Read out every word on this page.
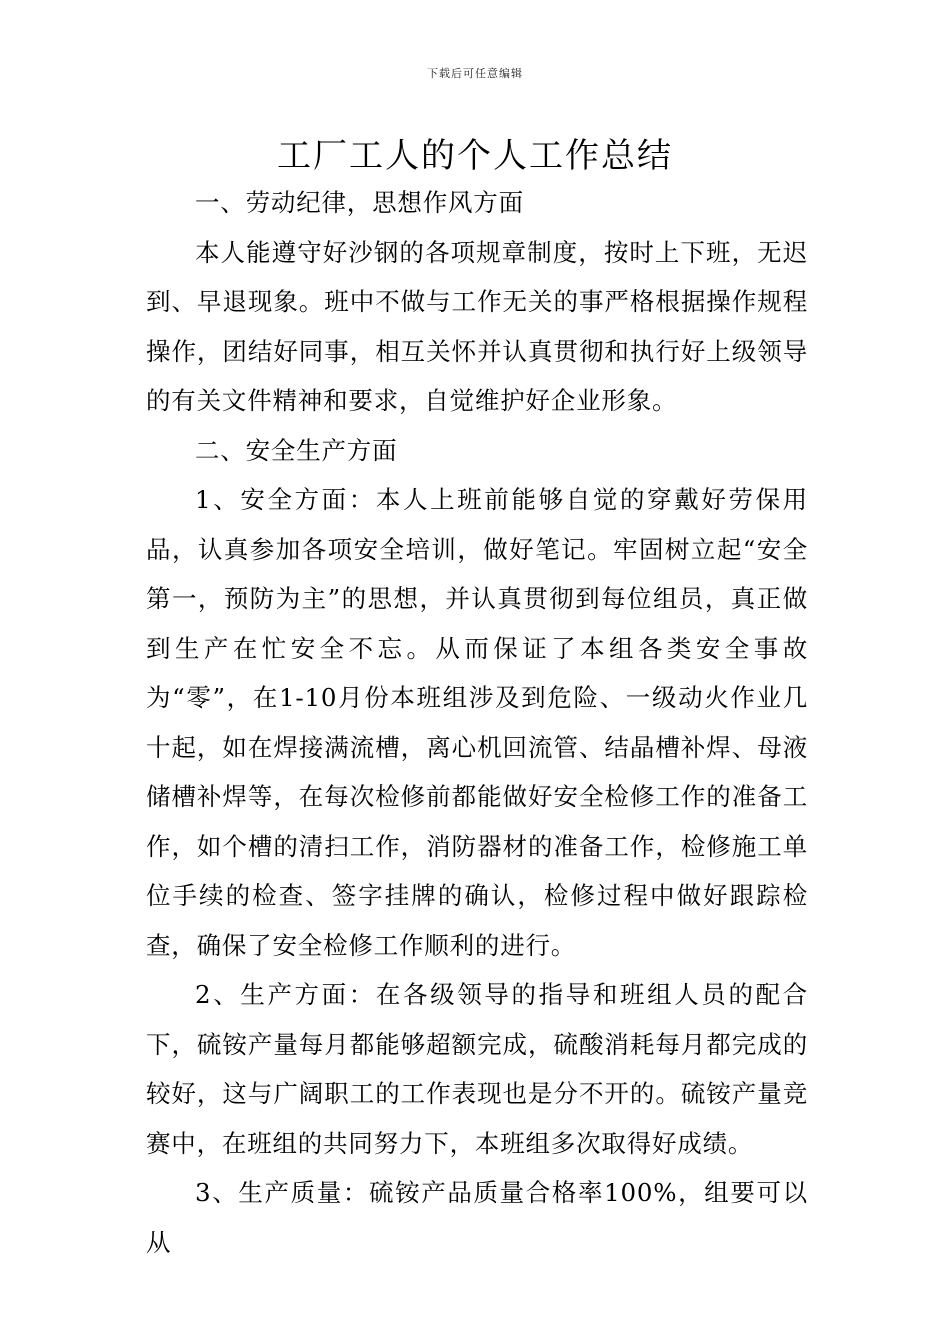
下载后可任意编辑
工厂工人的个人工作总结

一、劳动纪律，思想作风方面

本人能遵守好沙钢的各项规章制度，按时上下班，无迟到、早退现象。班中不做与工作无关的事严格根据操作规程操作，团结好同事，相互关怀并认真贯彻和执行好上级领导的有关文件精神和要求，自觉维护好企业形象。

二、安全生产方面

1、安全方面：本人上班前能够自觉的穿戴好劳保用品，认真参加各项安全培训，做好笔记。牢固树立起“安全第一，预防为主”的思想，并认真贯彻到每位组员，真正做到生产在忙安全不忘。从而保证了本组各类安全事故为“零”，在1-10月份本班组涉及到危险、一级动火作业几十起，如在焊接满流槽，离心机回流管、结晶槽补焊、母液储槽补焊等，在每次检修前都能做好安全检修工作的准备工作，如个槽的清扫工作，消防器材的准备工作，检修施工单位手续的检查、签字挂牌的确认，检修过程中做好跟踪检查，确保了安全检修工作顺利的进行。

2、生产方面：在各级领导的指导和班组人员的配合下，硫铵产量每月都能够超额完成，硫酸消耗每月都完成的较好，这与广阔职工的工作表现也是分不开的。硫铵产量竞赛中，在班组的共同努力下，本班组多次取得好成绩。

3、生产质量：硫铵产品质量合格率100%，组要可以从
